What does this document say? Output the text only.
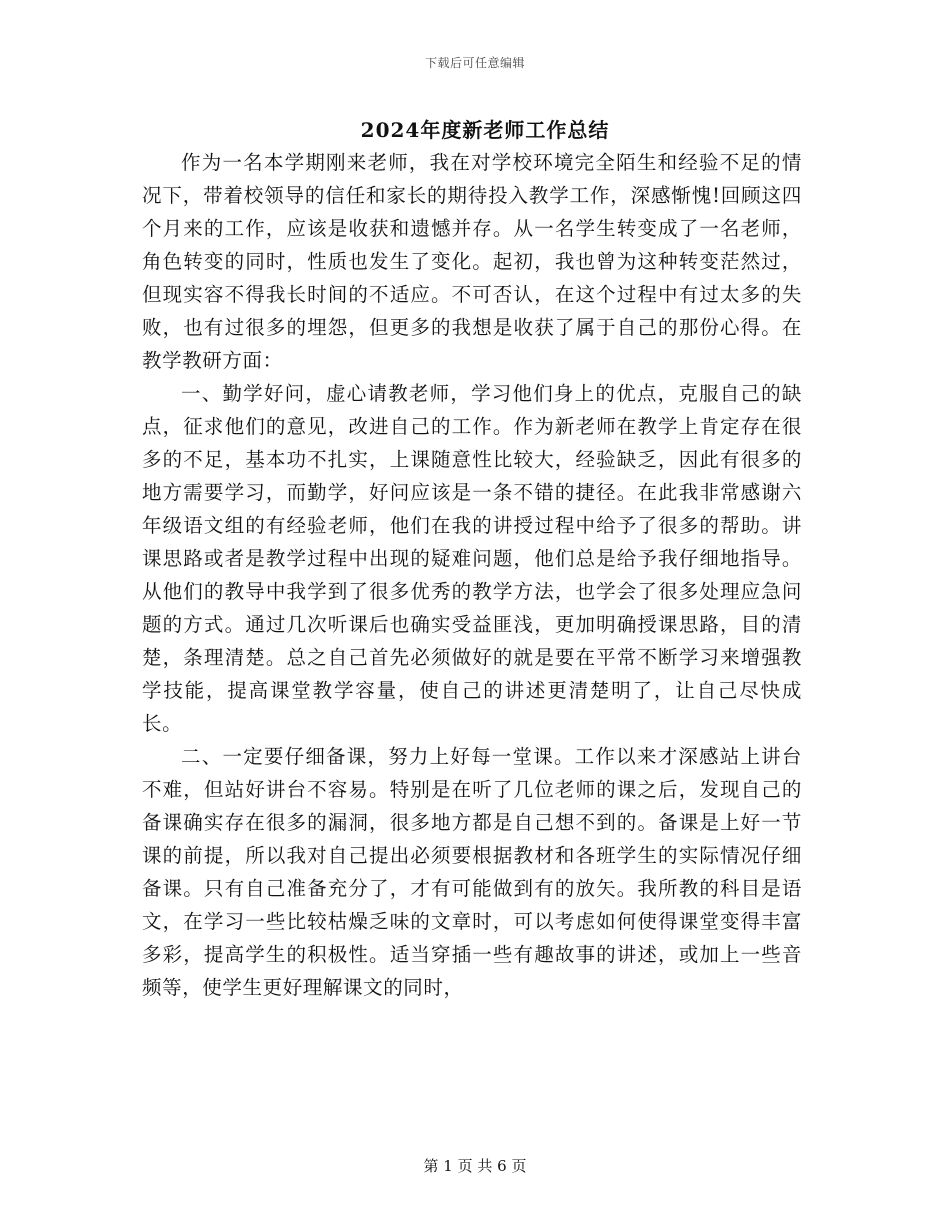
下载后可任意编辑
2024年度新老师工作总结

作为一名本学期刚来老师，我在对学校环境完全陌生和经验不足的情况下，带着校领导的信任和家长的期待投入教学工作，深感惭愧!回顾这四个月来的工作，应该是收获和遗憾并存。从一名学生转变成了一名老师，角色转变的同时，性质也发生了变化。起初，我也曾为这种转变茫然过，但现实容不得我长时间的不适应。不可否认，在这个过程中有过太多的失败，也有过很多的埋怨，但更多的我想是收获了属于自己的那份心得。在教学教研方面：

一、勤学好问，虚心请教老师，学习他们身上的优点，克服自己的缺点，征求他们的意见，改进自己的工作。作为新老师在教学上肯定存在很多的不足，基本功不扎实，上课随意性比较大，经验缺乏，因此有很多的地方需要学习，而勤学，好问应该是一条不错的捷径。在此我非常感谢六年级语文组的有经验老师，他们在我的讲授过程中给予了很多的帮助。讲课思路或者是教学过程中出现的疑难问题，他们总是给予我仔细地指导。从他们的教导中我学到了很多优秀的教学方法，也学会了很多处理应急问题的方式。通过几次听课后也确实受益匪浅，更加明确授课思路，目的清楚，条理清楚。总之自己首先必须做好的就是要在平常不断学习来增强教学技能，提高课堂教学容量，使自己的讲述更清楚明了，让自己尽快成长。

二、一定要仔细备课，努力上好每一堂课。工作以来才深感站上讲台不难，但站好讲台不容易。特别是在听了几位老师的课之后，发现自己的备课确实存在很多的漏洞，很多地方都是自己想不到的。备课是上好一节课的前提，所以我对自己提出必须要根据教材和各班学生的实际情况仔细备课。只有自己准备充分了，才有可能做到有的放矢。我所教的科目是语文，在学习一些比较枯燥乏味的文章时，可以考虑如何使得课堂变得丰富多彩，提高学生的积极性。适当穿插一些有趣故事的讲述，或加上一些音频等，使学生更好理解课文的同时，

第 1 页 共 6 页
